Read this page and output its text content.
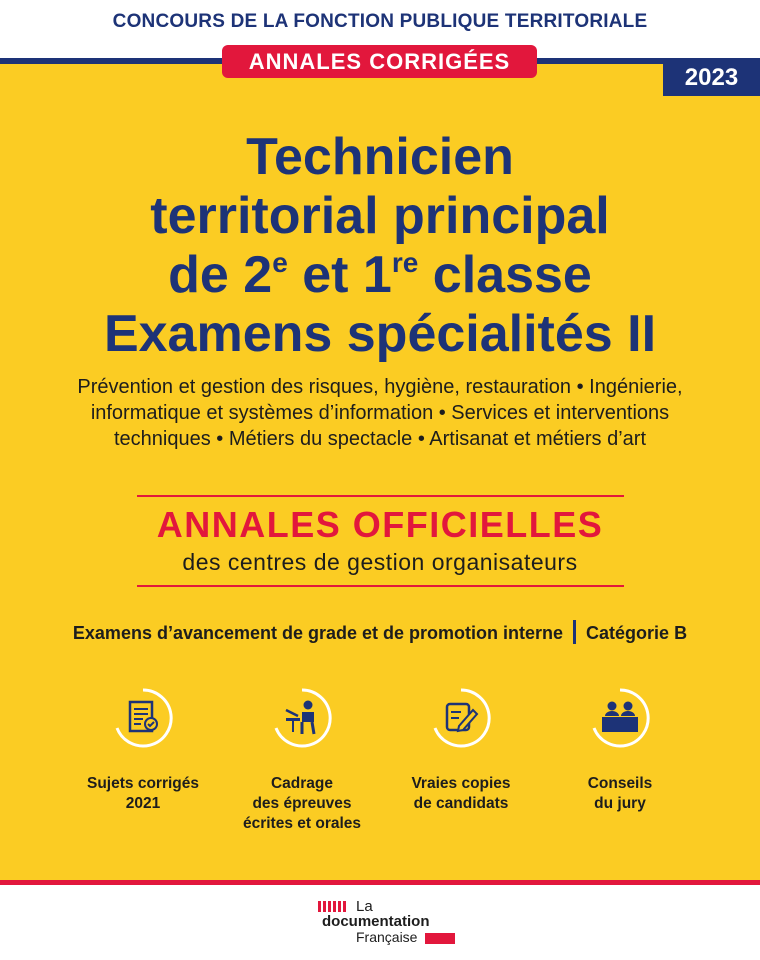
CONCOURS DE LA FONCTION PUBLIQUE TERRITORIALE
ANNALES CORRIGÉES
2023
Technicien
territorial principal
de 2e et 1re classe
Examens spécialités II
Prévention et gestion des risques, hygiène, restauration • Ingénierie,
informatique et systèmes d’information • Services et interventions
techniques • Métiers du spectacle • Artisanat et métiers d’art
ANNALES OFFICIELLES
des centres de gestion organisateurs
Examens d’avancement de grade et de promotion interne Catégorie B
Sujets corrigés
2021
Cadrage
des épreuves
écrites et orales
Vraies copies
de candidats
Conseils
du jury
La
documentation
Française
